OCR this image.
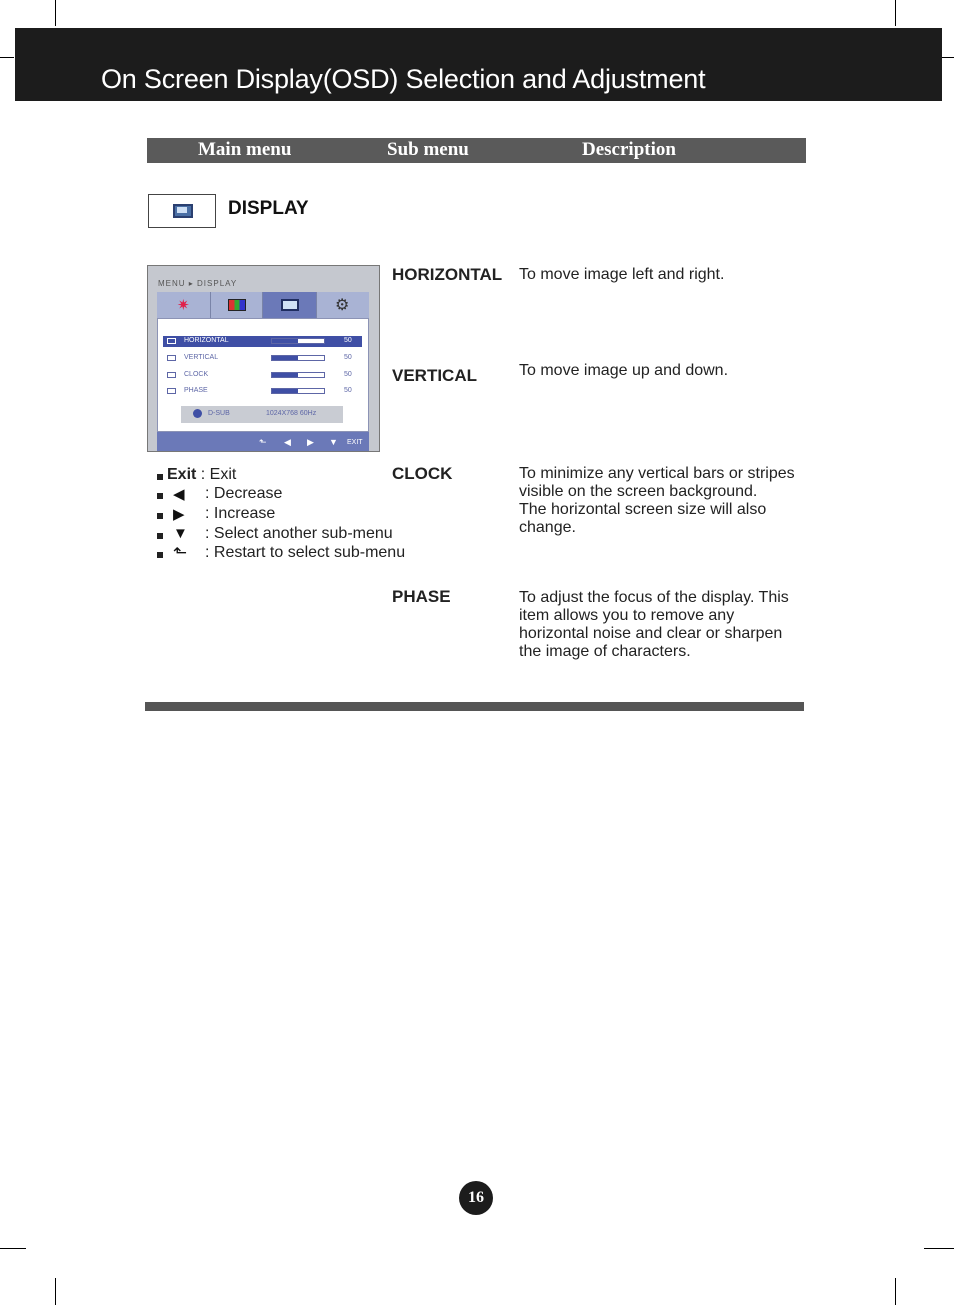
On Screen Display(OSD) Selection and Adjustment
Main menu	Sub menu	Description
DISPLAY
MENU ▸ DISPLAY
✷	⚙
HORIZONTAL	50
VERTICAL	50
CLOCK	50
PHASE	50
D-SUB	1024X768 60Hz
⬑ ◀ ▶ ▼ EXIT
Exit : Exit
◀ : Decrease
▶ : Increase
▼ : Select another sub-menu
⬑ : Restart to select sub-menu
HORIZONTAL To move image left and right.
VERTICAL	To move image up and down.
CLOCK	To minimize any vertical bars or stripes visible on the screen background.
The horizontal screen size will also change.
PHASE	To adjust the focus of the display. This item allows you to remove any horizontal noise and clear or sharpen the image of characters.
16
